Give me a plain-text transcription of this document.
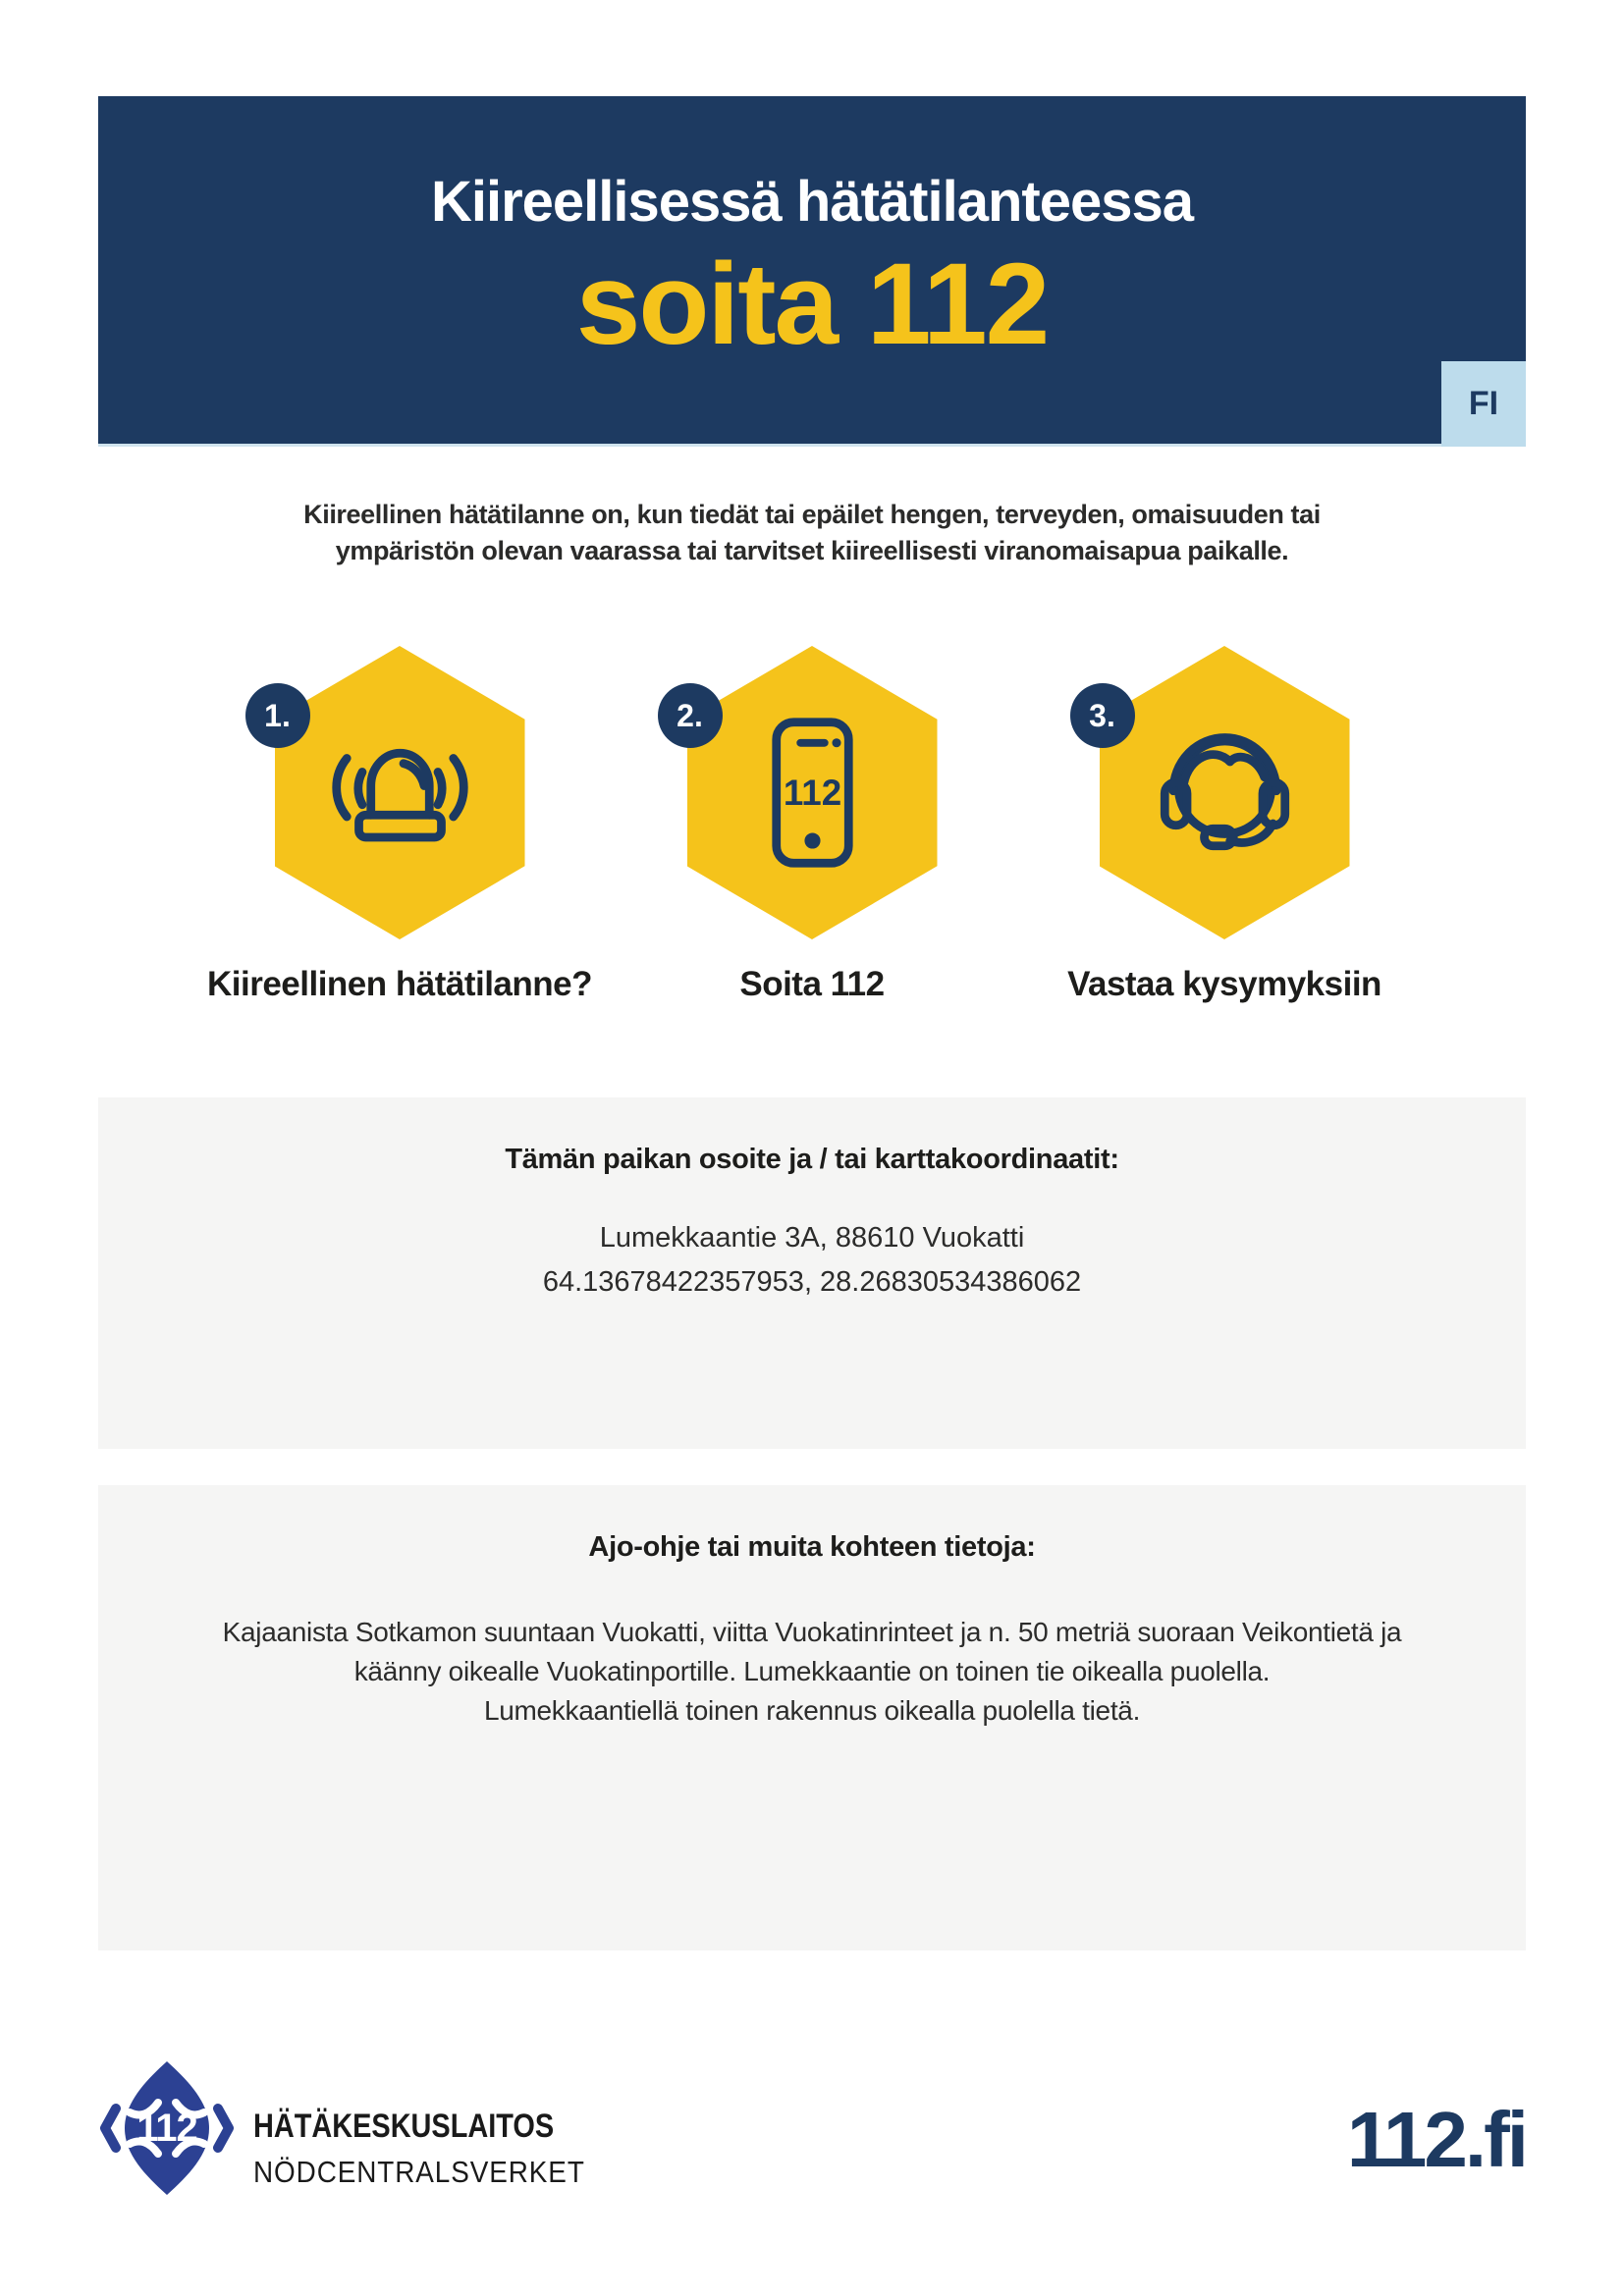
Kiireellisessä hätätilanteessa
soita 112
FI

Kiireellinen hätätilanne on, kun tiedät tai epäilet hengen, terveyden, omaisuuden tai
ympäristön olevan vaarassa tai tarvitset kiireellisesti viranomaisapua paikalle.

1.
Kiireellinen hätätilanne?
112
2.
Soita 112
3.
Vastaa kysymyksiin
Tämän paikan osoite ja / tai karttakoordinaatit:

Lumekkaantie 3A, 88610 Vuokatti

64.13678422357953, 28.26830534386062

Ajo-ohje tai muita kohteen tietoja:

Kajaanista Sotkamon suuntaan Vuokatti, viitta Vuokatinrinteet ja n. 50 metriä suoraan Veikontietä ja
käänny oikealle Vuokatinportille. Lumekkaantie on toinen tie oikealla puolella.
Lumekkaantiellä toinen rakennus oikealla puolella tietä.

112 HÄTÄKESKUSLAITOS
NÖDCENTRALSVERKET	112.fi
